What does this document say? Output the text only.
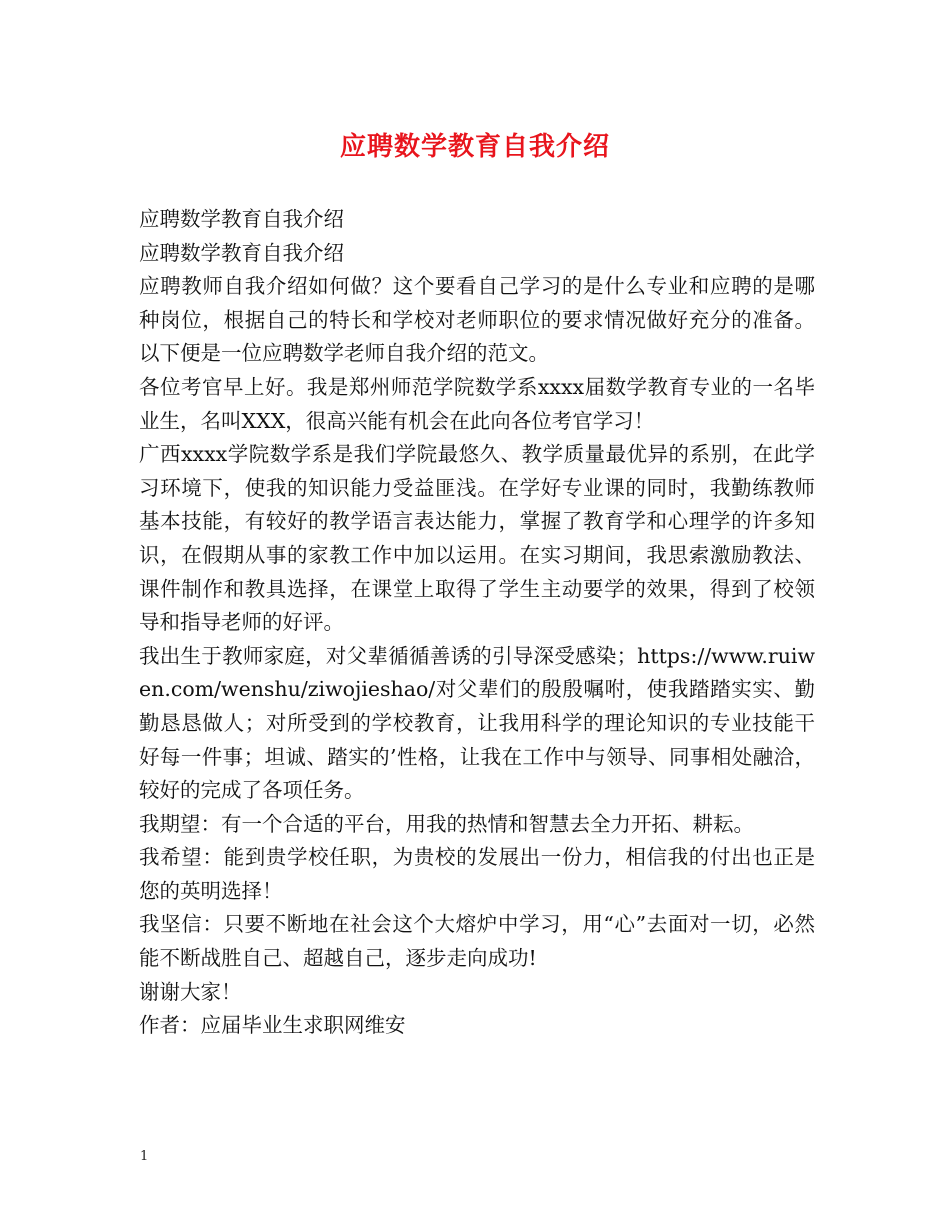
应聘数学教育自我介绍

应聘数学教育自我介绍

应聘数学教育自我介绍

应聘教师自我介绍如何做？这个要看自己学习的是什么专业和应聘的是哪种岗位，根据自己的特长和学校对老师职位的要求情况做好充分的准备。以下便是一位应聘数学老师自我介绍的范文。

各位考官早上好。我是郑州师范学院数学系xxxx届数学教育专业的一名毕业生，名叫XXX，很高兴能有机会在此向各位考官学习！

广西xxxx学院数学系是我们学院最悠久、教学质量最优异的系别，在此学习环境下，使我的知识能力受益匪浅。在学好专业课的同时，我勤练教师基本技能，有较好的教学语言表达能力，掌握了教育学和心理学的许多知识，在假期从事的家教工作中加以运用。在实习期间，我思索激励教法、课件制作和教具选择，在课堂上取得了学生主动要学的效果，得到了校领导和指导老师的好评。

我出生于教师家庭，对父辈循循善诱的引导深受感染；https://www.ruiwen.com/wenshu/ziwojieshao/对父辈们的殷殷嘱咐，使我踏踏实实、勤勤恳恳做人；对所受到的学校教育，让我用科学的理论知识的专业技能干好每一件事；坦诚、踏实的’性格，让我在工作中与领导、同事相处融洽，较好的完成了各项任务。

我期望：有一个合适的平台，用我的热情和智慧去全力开拓、耕耘。

我希望：能到贵学校任职，为贵校的发展出一份力，相信我的付出也正是您的英明选择！

我坚信：只要不断地在社会这个大熔炉中学习，用“心”去面对一切，必然能不断战胜自己、超越自己，逐步走向成功!

谢谢大家！

作者：应届毕业生求职网维安

1
